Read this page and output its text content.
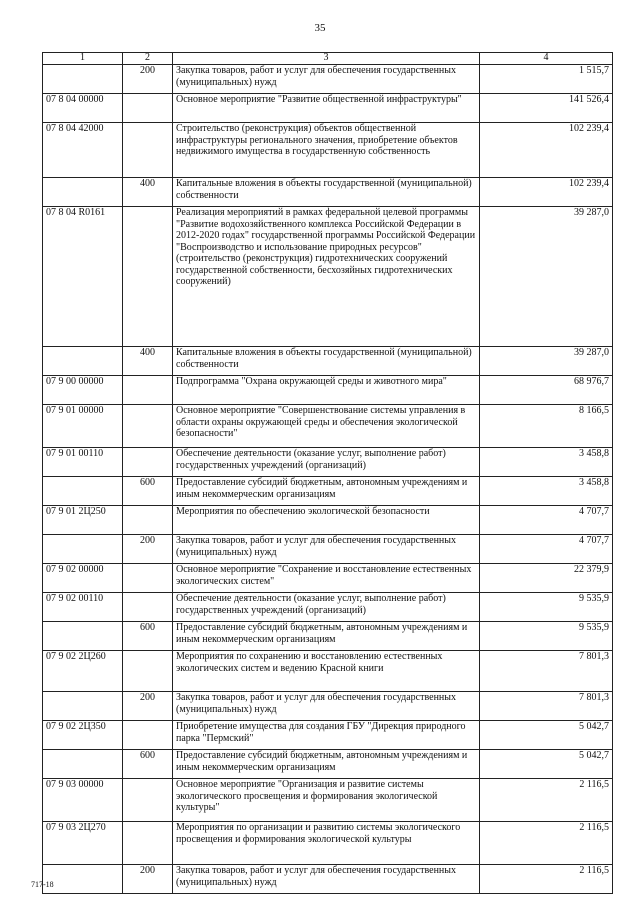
35
1	2	3	4
	200	Закупка товаров, работ и услуг для обеспечения государственных (муниципальных) нужд	1 515,7
07 8 04 00000		Основное мероприятие "Развитие общественной инфраструктуры"	141 526,4
07 8 04 42000		Строительство (реконструкция) объектов общественной инфраструктуры регионального значения, приобретение объектов недвижимого имущества в государственную собственность	102 239,4
	400	Капитальные вложения в объекты государственной (муниципальной) собственности	102 239,4
07 8 04 R0161		Реализация мероприятий в рамках федеральной целевой программы "Развитие водохозяйственного комплекса Российской Федерации в 2012-2020 годах" государственной программы Российской Федерации "Воспроизводство и использование природных ресурсов" (строительство (реконструкция) гидротехнических сооружений государственной собственности, бесхозяйных гидротехнических сооружений)	39 287,0
	400	Капитальные вложения в объекты государственной (муниципальной) собственности	39 287,0
07 9 00 00000		Подпрограмма "Охрана окружающей среды и животного мира"	68 976,7
07 9 01 00000		Основное мероприятие "Совершенствование системы управления в области охраны окружающей среды и обеспечения экологической безопасности"	8 166,5
07 9 01 00110		Обеспечение деятельности (оказание услуг, выполнение работ) государственных учреждений (организаций)	3 458,8
	600	Предоставление субсидий бюджетным, автономным учреждениям и иным некоммерческим организациям	3 458,8
07 9 01 2Ц250		Мероприятия по обеспечению экологической безопасности	4 707,7
	200	Закупка товаров, работ и услуг для обеспечения государственных (муниципальных) нужд	4 707,7
07 9 02 00000		Основное мероприятие "Сохранение и восстановление естественных экологических систем"	22 379,9
07 9 02 00110		Обеспечение деятельности (оказание услуг, выполнение работ) государственных учреждений (организаций)	9 535,9
	600	Предоставление субсидий бюджетным, автономным учреждениям и иным некоммерческим организациям	9 535,9
07 9 02 2Ц260		Мероприятия по сохранению и восстановлению естественных экологических систем и ведению Красной книги	7 801,3
	200	Закупка товаров, работ и услуг для обеспечения государственных (муниципальных) нужд	7 801,3
07 9 02 2Ц350		Приобретение имущества для создания ГБУ "Дирекция природного парка "Пермский"	5 042,7
	600	Предоставление субсидий бюджетным, автономным учреждениям и иным некоммерческим организациям	5 042,7
07 9 03 00000		Основное мероприятие "Организация и развитие системы экологического просвещения и формирования экологической культуры"	2 116,5
07 9 03 2Ц270		Мероприятия по организации и развитию системы экологического просвещения и формирования экологической культуры	2 116,5
	200	Закупка товаров, работ и услуг для обеспечения государственных (муниципальных) нужд	2 116,5
717-18
